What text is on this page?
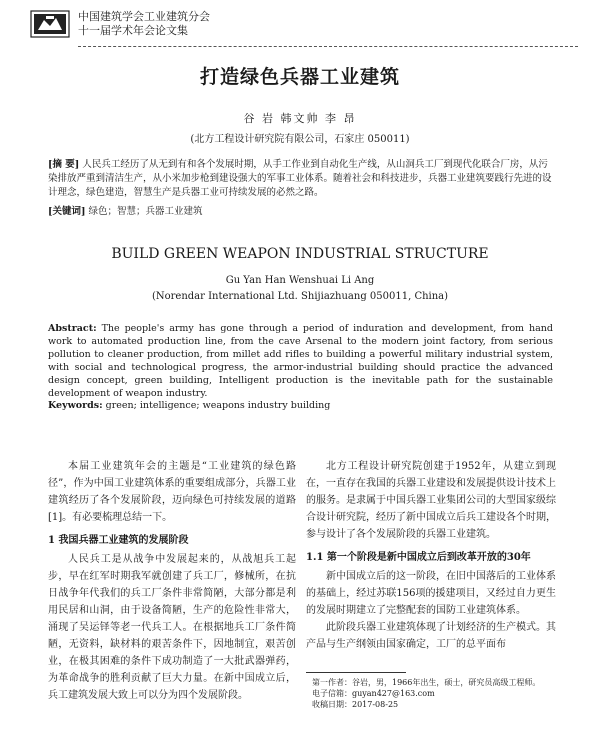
中国建筑学会工业建筑分会
十一届学术年会论文集
打造绿色兵器工业建筑
谷 岩 韩文帅 李 昂
(北方工程设计研究院有限公司，石家庄 050011)
[摘 要] 人民兵工经历了从无到有和各个发展时期，从手工作业到自动化生产线，从山洞兵工厂到现代化联合厂房，从污染排放严重到清洁生产，从小米加步枪到建设强大的军事工业体系。随着社会和科技进步，兵器工业建筑要践行先进的设计理念，绿色建造，智慧生产是兵器工业可持续发展的必然之路。
[关键词] 绿色；智慧；兵器工业建筑
BUILD GREEN WEAPON INDUSTRIAL STRUCTURE
Gu Yan Han Wenshuai Li Ang
(Norendar International Ltd. Shijiazhuang 050011, China)
Abstract: The people's army has gone through a period of induration and development, from hand work to automated production line, from the cave Arsenal to the modern joint factory, from serious pollution to cleaner production, from millet add rifles to building a powerful military industrial system, with social and technological progress, the armor-industrial building should practice the advanced design concept, green building, Intelligent production is the inevitable path for the sustainable development of weapon industry.
Keywords: green; intelligence; weapons industry building

本届工业建筑年会的主题是“工业建筑的绿色路径”，作为中国工业建筑体系的重要组成部分，兵器工业建筑经历了各个发展阶段，迈向绿色可持续发展的道路[1]。有必要梳理总结一下。

1 我国兵器工业建筑的发展阶段

人民兵工是从战争中发展起来的，从战旭兵工起步，早在红军时期我军就创建了兵工厂，修械所，在抗日战争年代我们的兵工厂条件非常简陋，大部分都是利用民居和山洞，由于设备简陋，生产的危险性非常大，涌现了吴运铎等老一代兵工人。在根据地兵工厂条件简陋，无资料，缺材料的艰苦条件下，因地制宜，艰苦创业，在极其困难的条件下成功制造了一大批武器弹药，为革命战争的胜利贡献了巨大力量。在新中国成立后，兵工建筑发展大致上可以分为四个发展阶段。

北方工程设计研究院创建于1952年，从建立到现在，一直存在我国的兵器工业建设和发展提供设计技术上的服务。是隶属于中国兵器工业集团公司的大型国家级综合设计研究院，经历了新中国成立后兵工建设各个时期，参与设计了各个发展阶段的兵器工业建筑。

1.1 第一个阶段是新中国成立后到改革开放的30年

新中国成立后的这一阶段，在旧中国落后的工业体系的基础上，经过苏联156项的援建项目，又经过自力更生的发展时期建立了完整配套的国防工业建筑体系。

此阶段兵器工业建筑体现了计划经济的生产模式。其产品与生产纲领由国家确定，工厂的总平面布

第一作者：谷岩，男，1966年出生，硕士，研究员高级工程师。
电子信箱：guyan427@163.com
收稿日期：2017-08-25
